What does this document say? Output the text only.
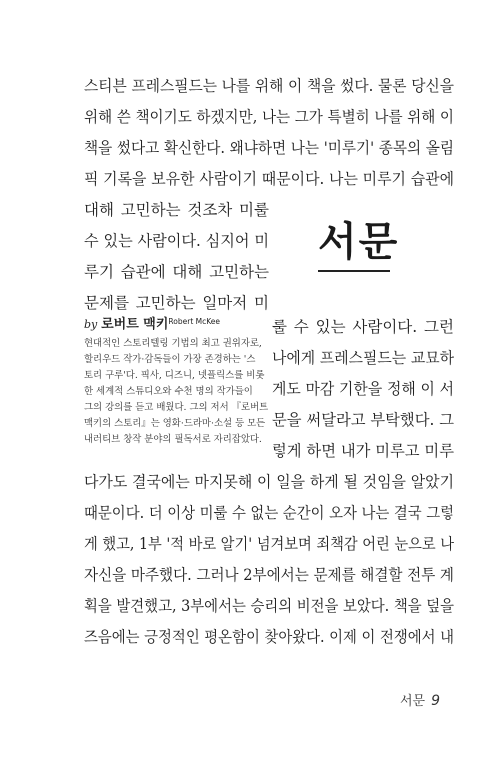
스티븐 프레스필드는 나를 위해 이 책을 썼다. 물론 당신을
위해 쓴 책이기도 하겠지만, 나는 그가 특별히 나를 위해 이
책을 썼다고 확신한다. 왜냐하면 나는 '미루기' 종목의 올림
픽 기록을 보유한 사람이기 때문이다. 나는 미루기 습관에
대해 고민하는 것조차 미룰
수 있는 사람이다. 심지어 미
루기 습관에 대해 고민하는
문제를 고민하는 일마저 미
서문
by 로버트 맥키$^{Robert McKee}$
현대적인 스토리텔링 기법의 최고 권위자로,
할리우드 작가·감독들이 가장 존경하는 '스
토리 구루'다. 픽사, 디즈니, 넷플릭스를 비롯
한 세계적 스튜디오와 수천 명의 작가들이
그의 강의를 듣고 배웠다. 그의 저서 『로버트
맥키의 스토리』는 영화·드라마·소설 등 모든
내러티브 창작 분야의 필독서로 자리잡았다.
룰 수 있는 사람이다. 그런
나에게 프레스필드는 교묘하
게도 마감 기한을 정해 이 서
문을 써달라고 부탁했다. 그
렇게 하면 내가 미루고 미루
다가도 결국에는 마지못해 이 일을 하게 될 것임을 알았기
때문이다. 더 이상 미룰 수 없는 순간이 오자 나는 결국 그렇
게 했고, 1부 '적 바로 알기' 넘겨보며 죄책감 어린 눈으로 나
자신을 마주했다. 그러나 2부에서는 문제를 해결할 전투 계
획을 발견했고, 3부에서는 승리의 비전을 보았다. 책을 덮을
즈음에는 긍정적인 평온함이 찾아왔다. 이제 이 전쟁에서 내
서문 9
